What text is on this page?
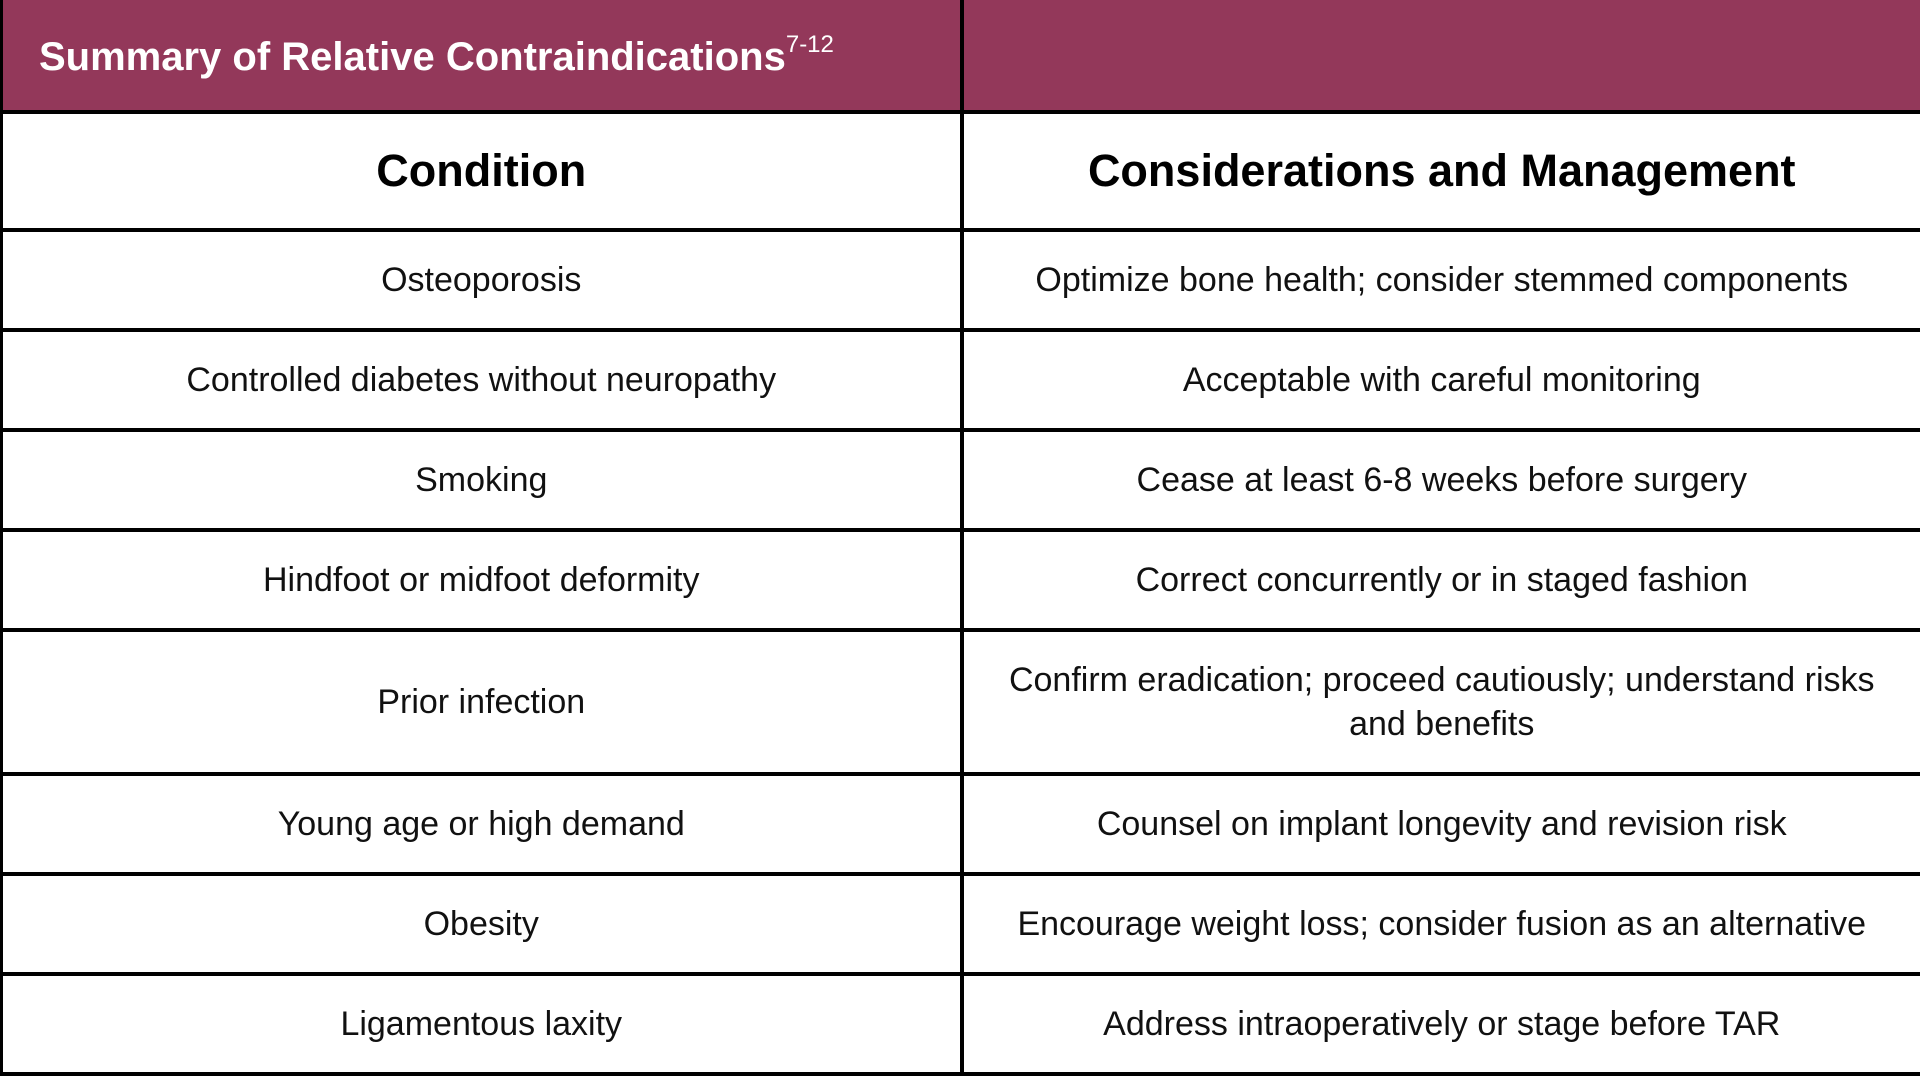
Summary of Relative Contraindications$^{7-12}$	
Condition	Considerations and Management
Osteoporosis	Optimize bone health; consider stemmed components
Controlled diabetes without neuropathy	Acceptable with careful monitoring
Smoking	Cease at least 6-8 weeks before surgery
Hindfoot or midfoot deformity	Correct concurrently or in staged fashion
Prior infection	Confirm eradication; proceed cautiously; understand risks and benefits
Young age or high demand	Counsel on implant longevity and revision risk
Obesity	Encourage weight loss; consider fusion as an alternative
Ligamentous laxity	Address intraoperatively or stage before TAR
